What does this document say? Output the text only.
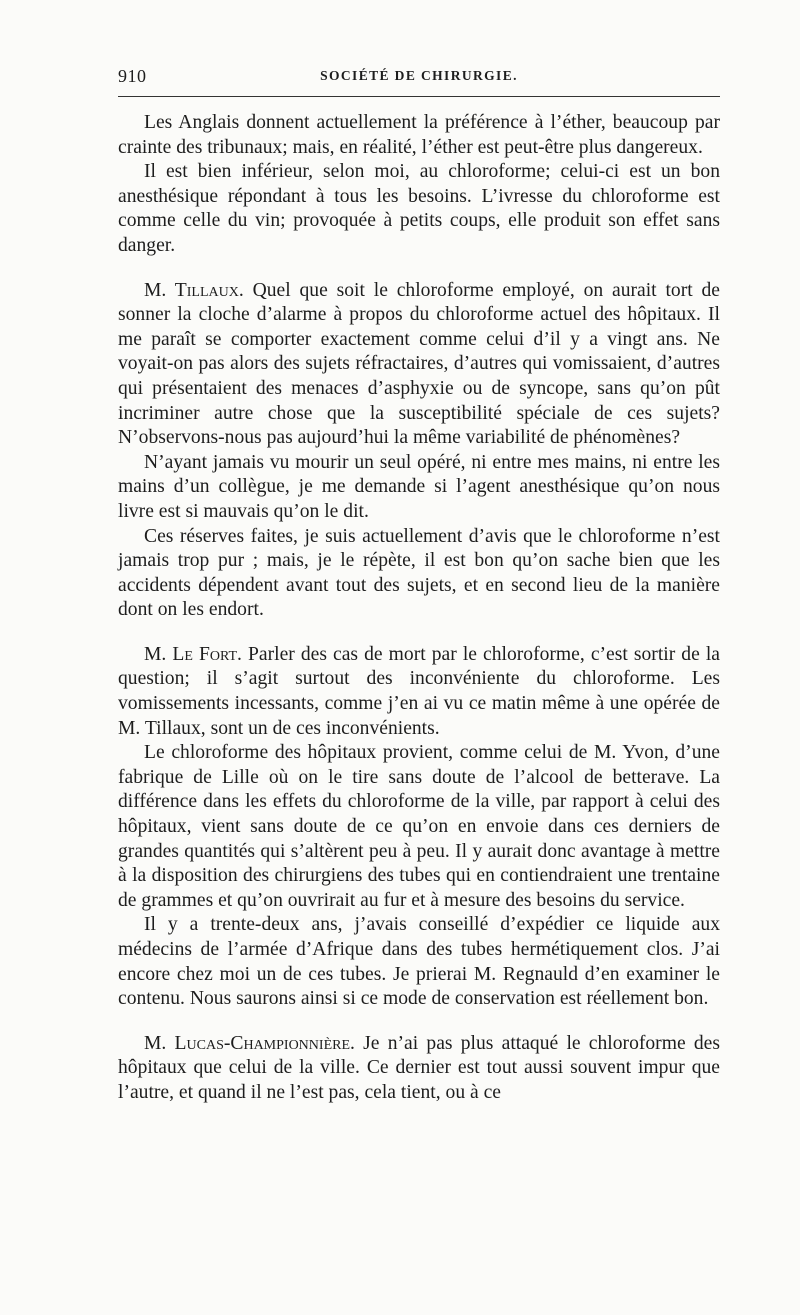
910	SOCIÉTÉ DE CHIRURGIE.

Les Anglais donnent actuellement la préférence à l’éther, beaucoup par crainte des tribunaux; mais, en réalité, l’éther est peut-être plus dangereux.

Il est bien inférieur, selon moi, au chloroforme; celui-ci est un bon anesthésique répondant à tous les besoins. L’ivresse du chloroforme est comme celle du vin; provoquée à petits coups, elle produit son effet sans danger.

M. Tillaux. Quel que soit le chloroforme employé, on aurait tort de sonner la cloche d’alarme à propos du chloroforme actuel des hôpitaux. Il me paraît se comporter exactement comme celui d’il y a vingt ans. Ne voyait-on pas alors des sujets réfractaires, d’autres qui vomissaient, d’autres qui présentaient des menaces d’asphyxie ou de syncope, sans qu’on pût incriminer autre chose que la susceptibilité spéciale de ces sujets? N’observons-nous pas aujourd’hui la même variabilité de phénomènes?

N’ayant jamais vu mourir un seul opéré, ni entre mes mains, ni entre les mains d’un collègue, je me demande si l’agent anesthésique qu’on nous livre est si mauvais qu’on le dit.

Ces réserves faites, je suis actuellement d’avis que le chloroforme n’est jamais trop pur ; mais, je le répète, il est bon qu’on sache bien que les accidents dépendent avant tout des sujets, et en second lieu de la manière dont on les endort.

M. Le Fort. Parler des cas de mort par le chloroforme, c’est sortir de la question; il s’agit surtout des inconvéniente du chloroforme. Les vomissements incessants, comme j’en ai vu ce matin même à une opérée de M. Tillaux, sont un de ces inconvénients.

Le chloroforme des hôpitaux provient, comme celui de M. Yvon, d’une fabrique de Lille où on le tire sans doute de l’alcool de betterave. La différence dans les effets du chloroforme de la ville, par rapport à celui des hôpitaux, vient sans doute de ce qu’on en envoie dans ces derniers de grandes quantités qui s’altèrent peu à peu. Il y aurait donc avantage à mettre à la disposition des chirurgiens des tubes qui en contiendraient une trentaine de grammes et qu’on ouvrirait au fur et à mesure des besoins du service.

Il y a trente-deux ans, j’avais conseillé d’expédier ce liquide aux médecins de l’armée d’Afrique dans des tubes hermétiquement clos. J’ai encore chez moi un de ces tubes. Je prierai M. Regnauld d’en examiner le contenu. Nous saurons ainsi si ce mode de conservation est réellement bon.

M. Lucas-Championnière. Je n’ai pas plus attaqué le chloroforme des hôpitaux que celui de la ville. Ce dernier est tout aussi souvent impur que l’autre, et quand il ne l’est pas, cela tient, ou à ce
